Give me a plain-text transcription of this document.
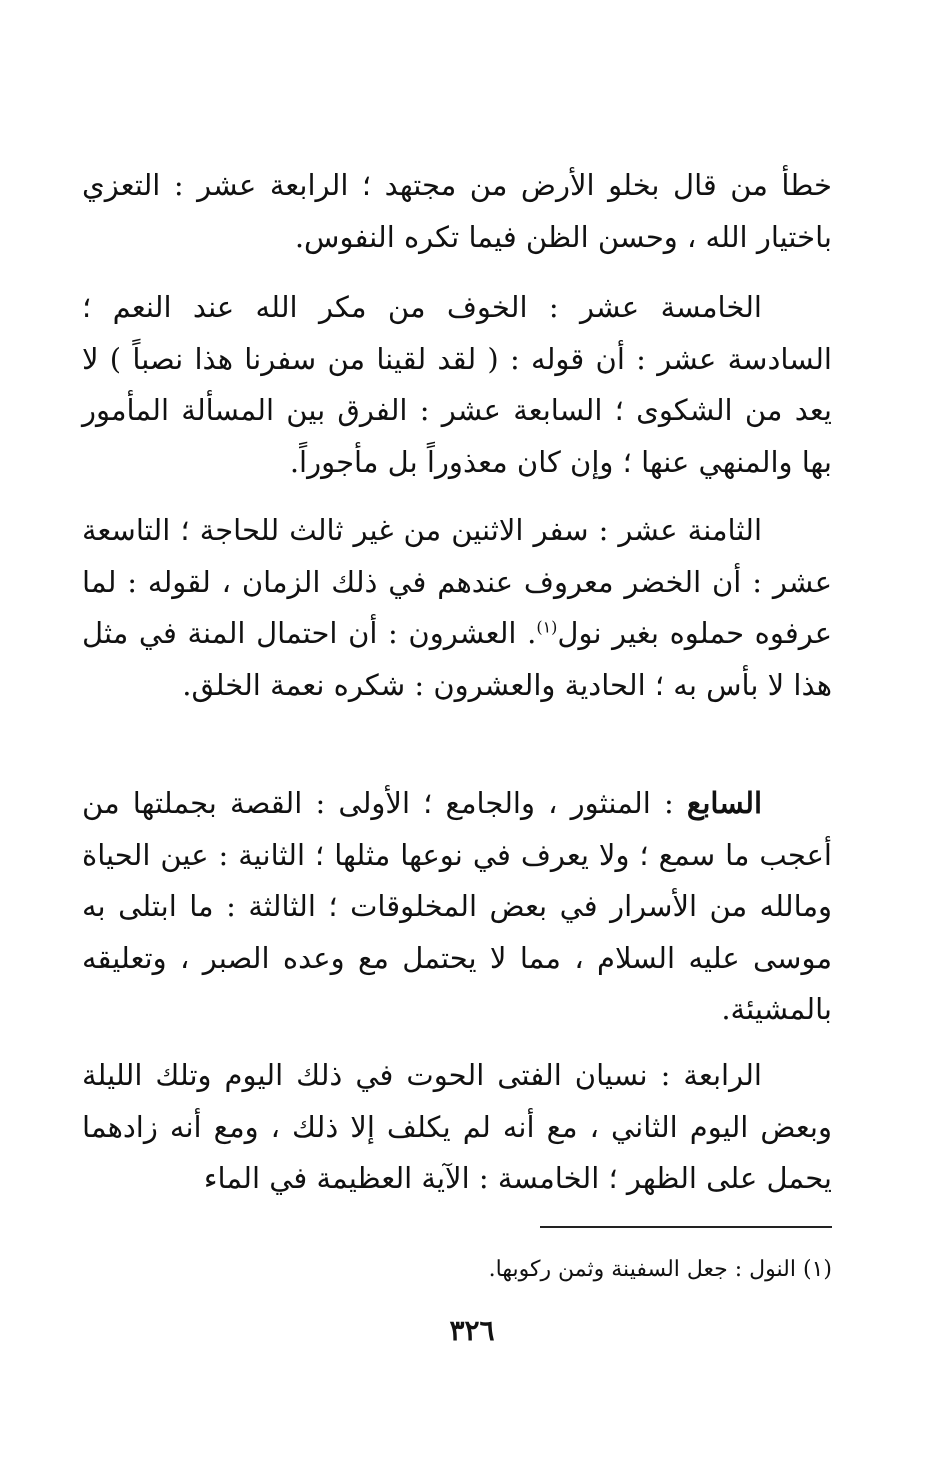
خطأ من قال بخلو الأرض من مجتهد ؛ الرابعة عشر : التعزي باختيار الله ، وحسن الظن فيما تكره النفوس.

الخامسة عشر : الخوف من مكر الله عند النعم ؛ السادسة عشر : أن قوله : ( لقد لقينا من سفرنا هذا نصباً ) لا يعد من الشكوى ؛ السابعة عشر : الفرق بين المسألة المأمور بها والمنهي عنها ؛ وإن كان معذوراً بل مأجوراً.

الثامنة عشر : سفر الاثنين من غير ثالث للحاجة ؛ التاسعة عشر : أن الخضر معروف عندهم في ذلك الزمان ، لقوله : لما عرفوه حملوه بغير نول$^{(١)}$. العشرون : أن احتمال المنة في مثل هذا لا بأس به ؛ الحادية والعشرون : شكره نعمة الخلق.

السابع : المنثور ، والجامع ؛ الأولى : القصة بجملتها من أعجب ما سمع ؛ ولا يعرف في نوعها مثلها ؛ الثانية : عين الحياة ومالله من الأسرار في بعض المخلوقات ؛ الثالثة : ما ابتلى به موسى عليه السلام ، مما لا يحتمل مع وعده الصبر ، وتعليقه بالمشيئة.

الرابعة : نسيان الفتى الحوت في ذلك اليوم وتلك الليلة وبعض اليوم الثاني ، مع أنه لم يكلف إلا ذلك ، ومع أنه زادهما يحمل على الظهر ؛ الخامسة : الآية العظيمة في الماء

(١) النول : جعل السفينة وثمن ركوبها.

٣٢٦
